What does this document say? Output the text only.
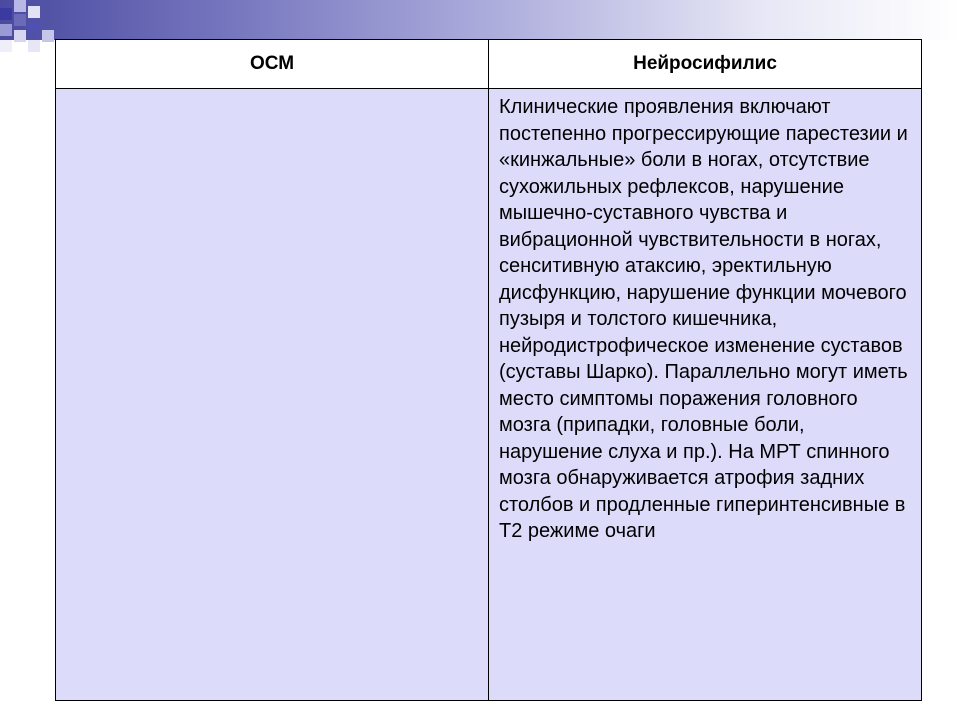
ОСМ	Нейросифилис

	Клинические проявления включают постепенно прогрессирующие парестезии и «кинжальные» боли в ногах, отсутствие сухожильных рефлексов, нарушение мышечно-суставного чувства и вибрационной чувствительности в ногах, сенситивную атаксию, эректильную дисфункцию, нарушение функции мочевого пузыря и толстого кишечника, нейродистрофическое изменение суставов (суставы Шарко). Параллельно могут иметь место симптомы поражения головного мозга (припадки, головные боли, нарушение слуха и пр.). На МРТ спинного мозга обнаруживается атрофия задних столбов и продленные гиперинтенсивные в Т2 режиме очаги
